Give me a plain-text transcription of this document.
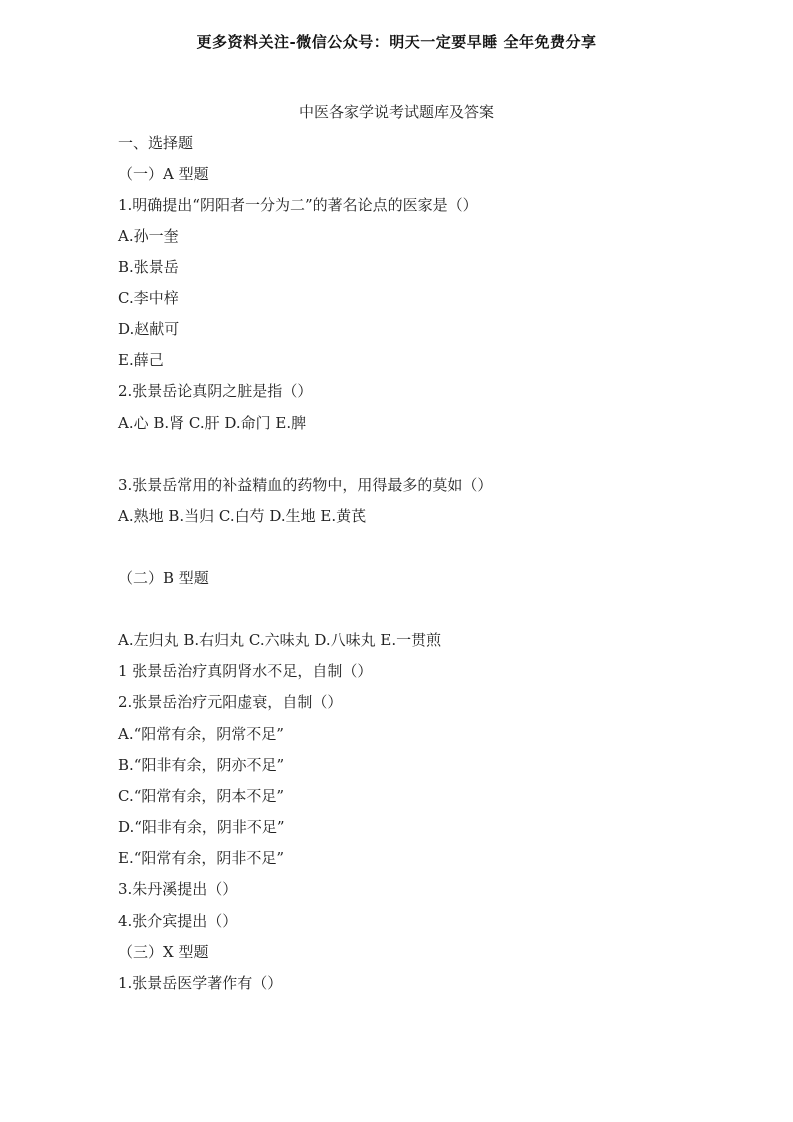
更多资料关注-微信公众号：明天一定要早睡 全年免费分享
中医各家学说考试题库及答案
一、选择题
（一）A 型题
1.明确提出“阴阳者一分为二”的著名论点的医家是（）
A.孙一奎
B.张景岳
C.李中梓
D.赵献可
E.薛己
2.张景岳论真阴之脏是指（）
A.心 B.肾 C.肝 D.命门 E.脾
3.张景岳常用的补益精血的药物中，用得最多的莫如（）
A.熟地 B.当归 C.白芍 D.生地 E.黄芪
（二）B 型题
A.左归丸 B.右归丸 C.六味丸 D.八味丸 E.一贯煎
1 张景岳治疗真阴肾水不足，自制（）
2.张景岳治疗元阳虚衰，自制（）
A.“阳常有余，阴常不足”
B.“阳非有余，阴亦不足”
C.“阳常有余，阴本不足”
D.“阳非有余，阴非不足”
E.“阳常有余，阴非不足”
3.朱丹溪提出（）
4.张介宾提出（）
（三）X 型题
1.张景岳医学著作有（）
